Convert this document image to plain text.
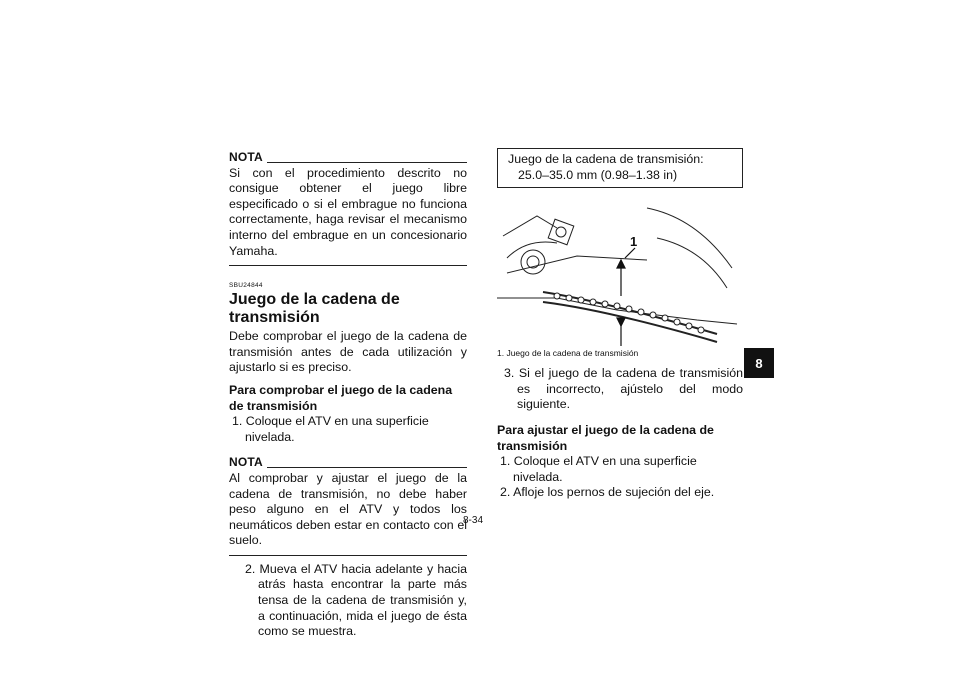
NOTA

Si con el procedimiento descrito no consigue obtener el juego libre especificado o si el embrague no funciona correctamente, haga revisar el mecanismo interno del embrague en un concesionario Yamaha.

SBU24844

Juego de la cadena de transmisión

Debe comprobar el juego de la cadena de transmisión antes de cada utilización y ajustarlo si es preciso.

Para comprobar el juego de la cadena de transmisión

1. Coloque el ATV en una superficie nivelada.

NOTA

Al comprobar y ajustar el juego de la cadena de transmisión, no debe haber peso alguno en el ATV y todos los neumáticos deben estar en contacto con el suelo.

2. Mueva el ATV hacia adelante y hacia atrás hasta encontrar la parte más tensa de la cadena de transmisión y, a continuación, mida el juego de ésta como se muestra.

Juego de la cadena de transmisión:
25.0–35.0 mm (0.98–1.38 in)
1

1. Juego de la cadena de transmisión

3. Si el juego de la cadena de transmisión es incorrecto, ajústelo del modo siguiente.

Para ajustar el juego de la cadena de transmisión

1. Coloque el ATV en una superficie nivelada.

2. Afloje los pernos de sujeción del eje.

8
8-34
